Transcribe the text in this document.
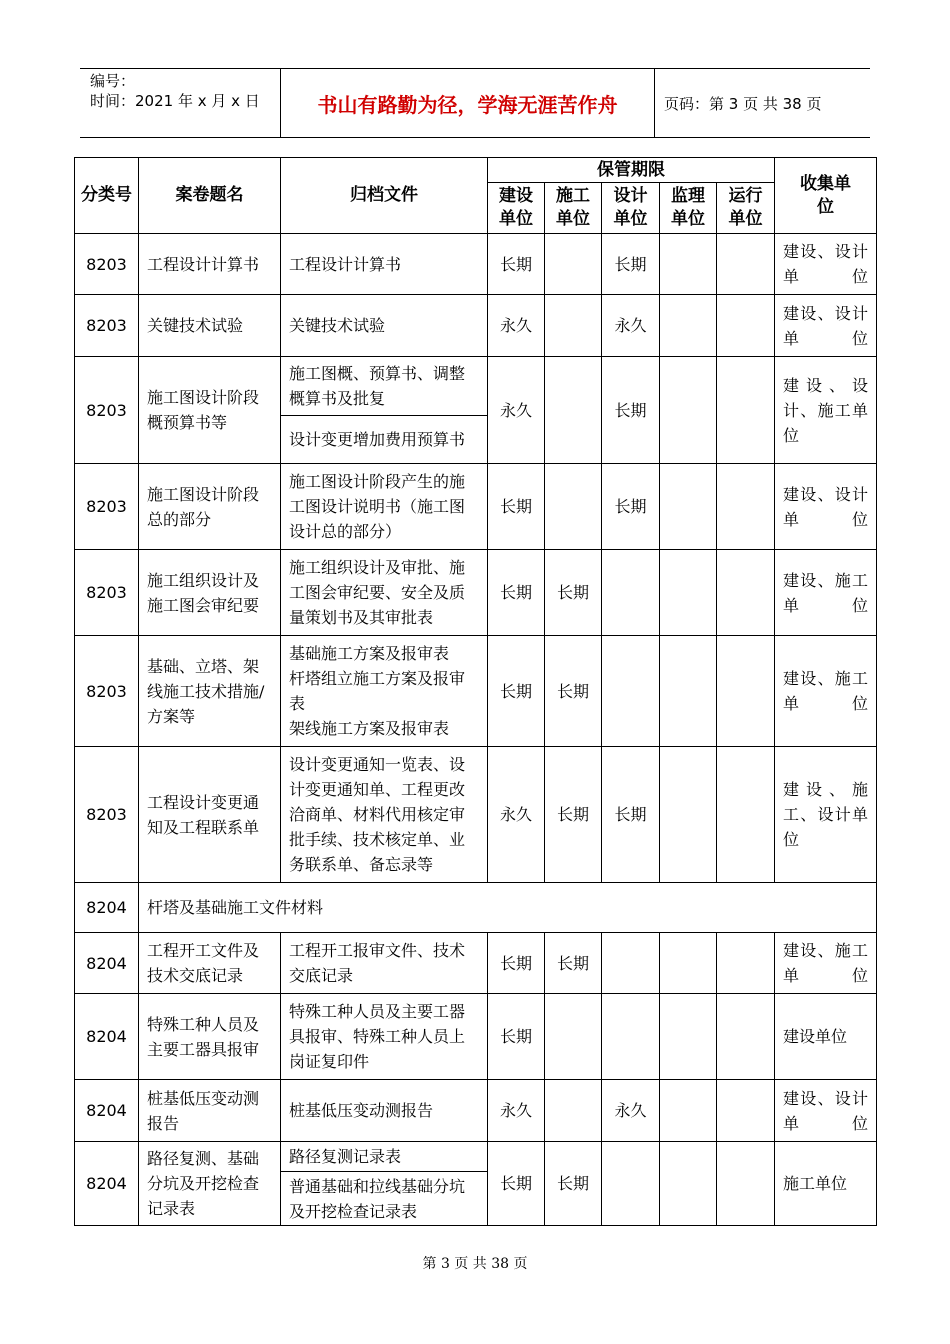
编号：
时间：2021 年 x 月 x 日	书山有路勤为径，学海无涯苦作舟	页码：第 3 页 共 38 页
分类号	案卷题名	归档文件	保管期限					收集单位
			建设单位	施工单位	设计单位	监理单位	运行单位	
8203	工程设计计算书	工程设计计算书	长期		长期			建设、设计单位
8203	关键技术试验	关键技术试验	永久		永久			建设、设计单位
8203	施工图设计阶段概预算书等	施工图概、预算书、调整概算书及批复	永久		长期			建设、设计、施工单位
		设计变更增加费用预算书						
8203	施工图设计阶段总的部分	施工图设计阶段产生的施工图设计说明书（施工图设计总的部分）	长期		长期			建设、设计单位
8203	施工组织设计及施工图会审纪要	施工组织设计及审批、施工图会审纪要、安全及质量策划书及其审批表	长期	长期				建设、施工单位
8203	基础、立塔、架线施工技术措施/方案等	基础施工方案及报审表
杆塔组立施工方案及报审表
架线施工方案及报审表	长期	长期				建设、施工单位
8203	工程设计变更通知及工程联系单	设计变更通知一览表、设计变更通知单、工程更改洽商单、材料代用核定审批手续、技术核定单、业务联系单、备忘录等	永久	长期	长期			建设、施工、设计单位
8204	杆塔及基础施工文件材料							
8204	工程开工文件及技术交底记录	工程开工报审文件、技术交底记录	长期	长期				建设、施工单位
8204	特殊工种人员及主要工器具报审	特殊工种人员及主要工器具报审、特殊工种人员上岗证复印件	长期					建设单位
8204	桩基低压变动测报告	桩基低压变动测报告	永久		永久			建设、设计单位
8204	路径复测、基础分坑及开挖检查记录表	路径复测记录表	长期	长期				施工单位
		普通基础和拉线基础分坑及开挖检查记录表						
第 3 页 共 38 页
